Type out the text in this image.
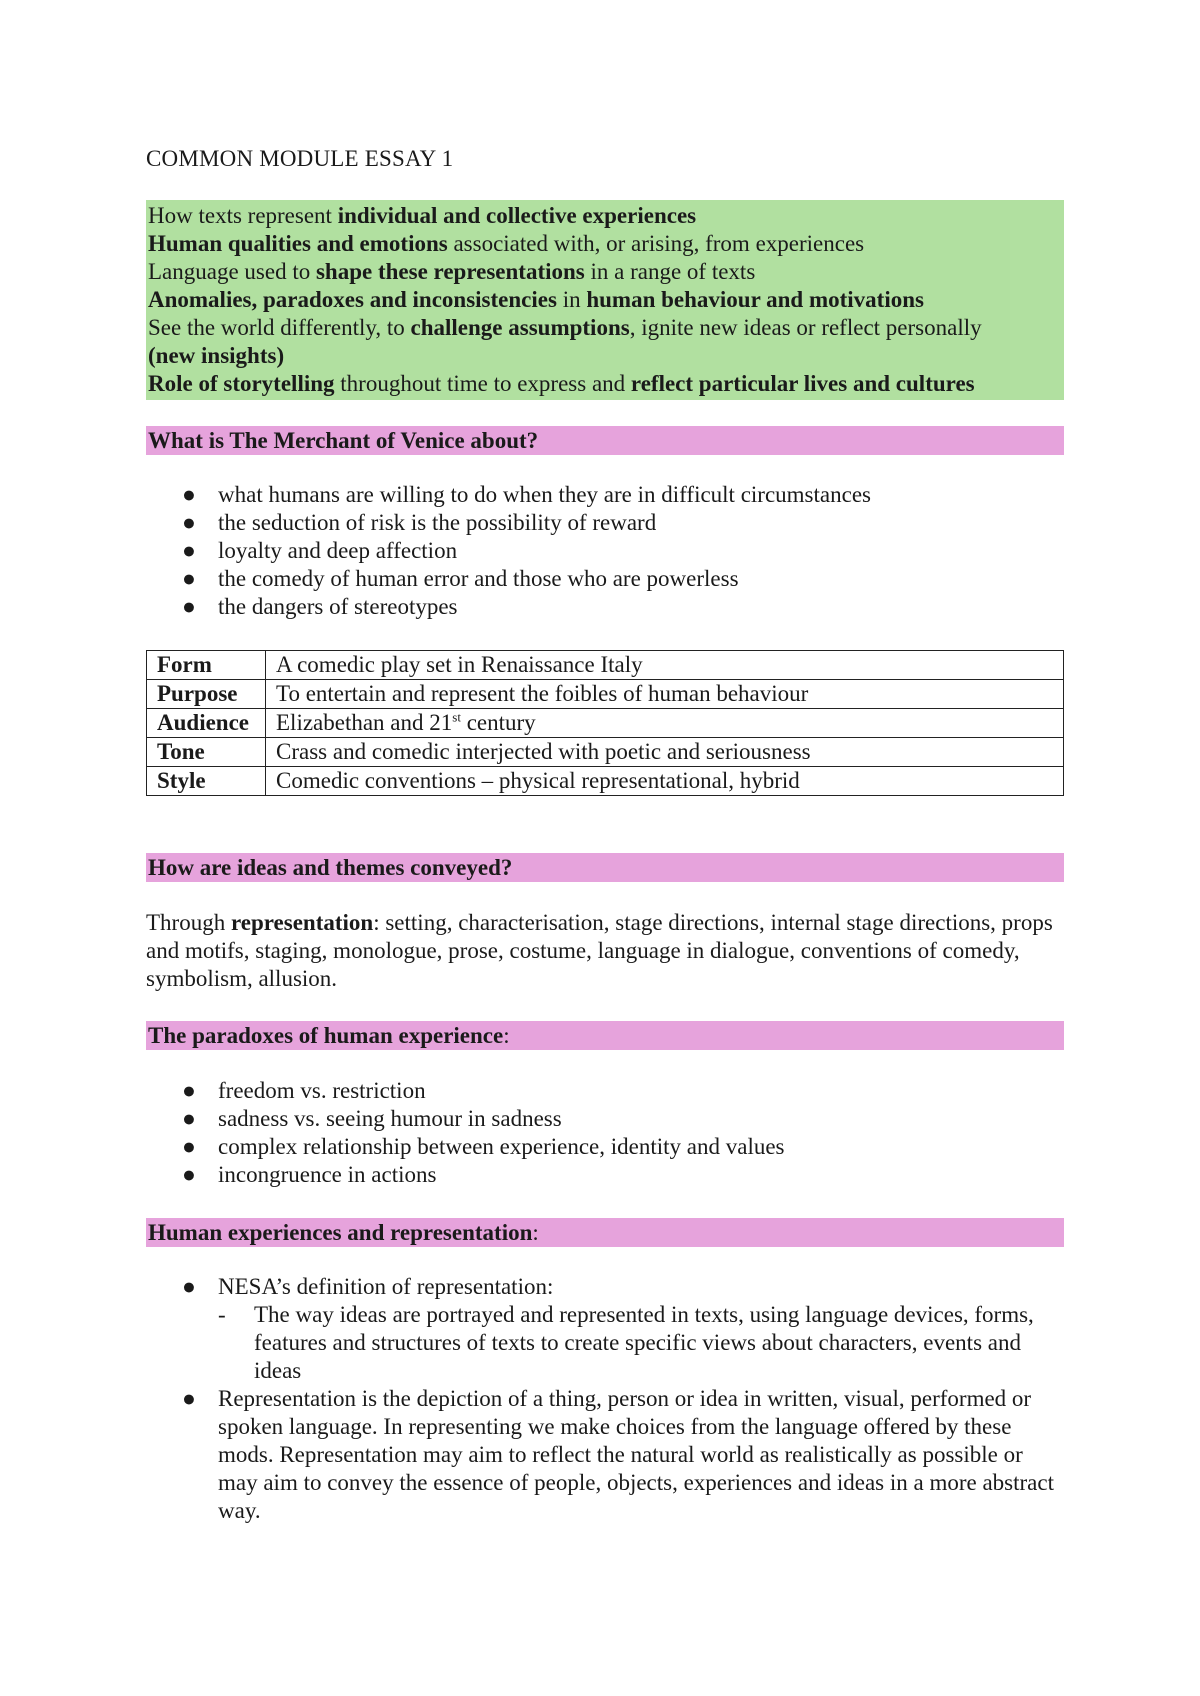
COMMON MODULE ESSAY 1
How texts represent individual and collective experiences
Human qualities and emotions associated with, or arising, from experiences
Language used to shape these representations in a range of texts
Anomalies, paradoxes and inconsistencies in human behaviour and motivations
See the world differently, to challenge assumptions, ignite new ideas or reflect personally
(new insights)
Role of storytelling throughout time to express and reflect particular lives and cultures
What is The Merchant of Venice about?
● what humans are willing to do when they are in difficult circumstances
● the seduction of risk is the possibility of reward
● loyalty and deep affection
● the comedy of human error and those who are powerless
● the dangers of stereotypes
Form	A comedic play set in Renaissance Italy
Purpose	To entertain and represent the foibles of human behaviour
Audience	Elizabethan and 21st century
Tone	Crass and comedic interjected with poetic and seriousness
Style	Comedic conventions – physical representational, hybrid
How are ideas and themes conveyed?
Through representation: setting, characterisation, stage directions, internal stage directions, props and motifs, staging, monologue, prose, costume, language in dialogue, conventions of comedy, symbolism, allusion.
The paradoxes of human experience:
● freedom vs. restriction
● sadness vs. seeing humour in sadness
● complex relationship between experience, identity and values
● incongruence in actions
Human experiences and representation:
● NESA’s definition of representation:
- The way ideas are portrayed and represented in texts, using language devices, forms, features and structures of texts to create specific views about characters, events and ideas
● Representation is the depiction of a thing, person or idea in written, visual, performed or spoken language. In representing we make choices from the language offered by these mods. Representation may aim to reflect the natural world as realistically as possible or may aim to convey the essence of people, objects, experiences and ideas in a more abstract way.
